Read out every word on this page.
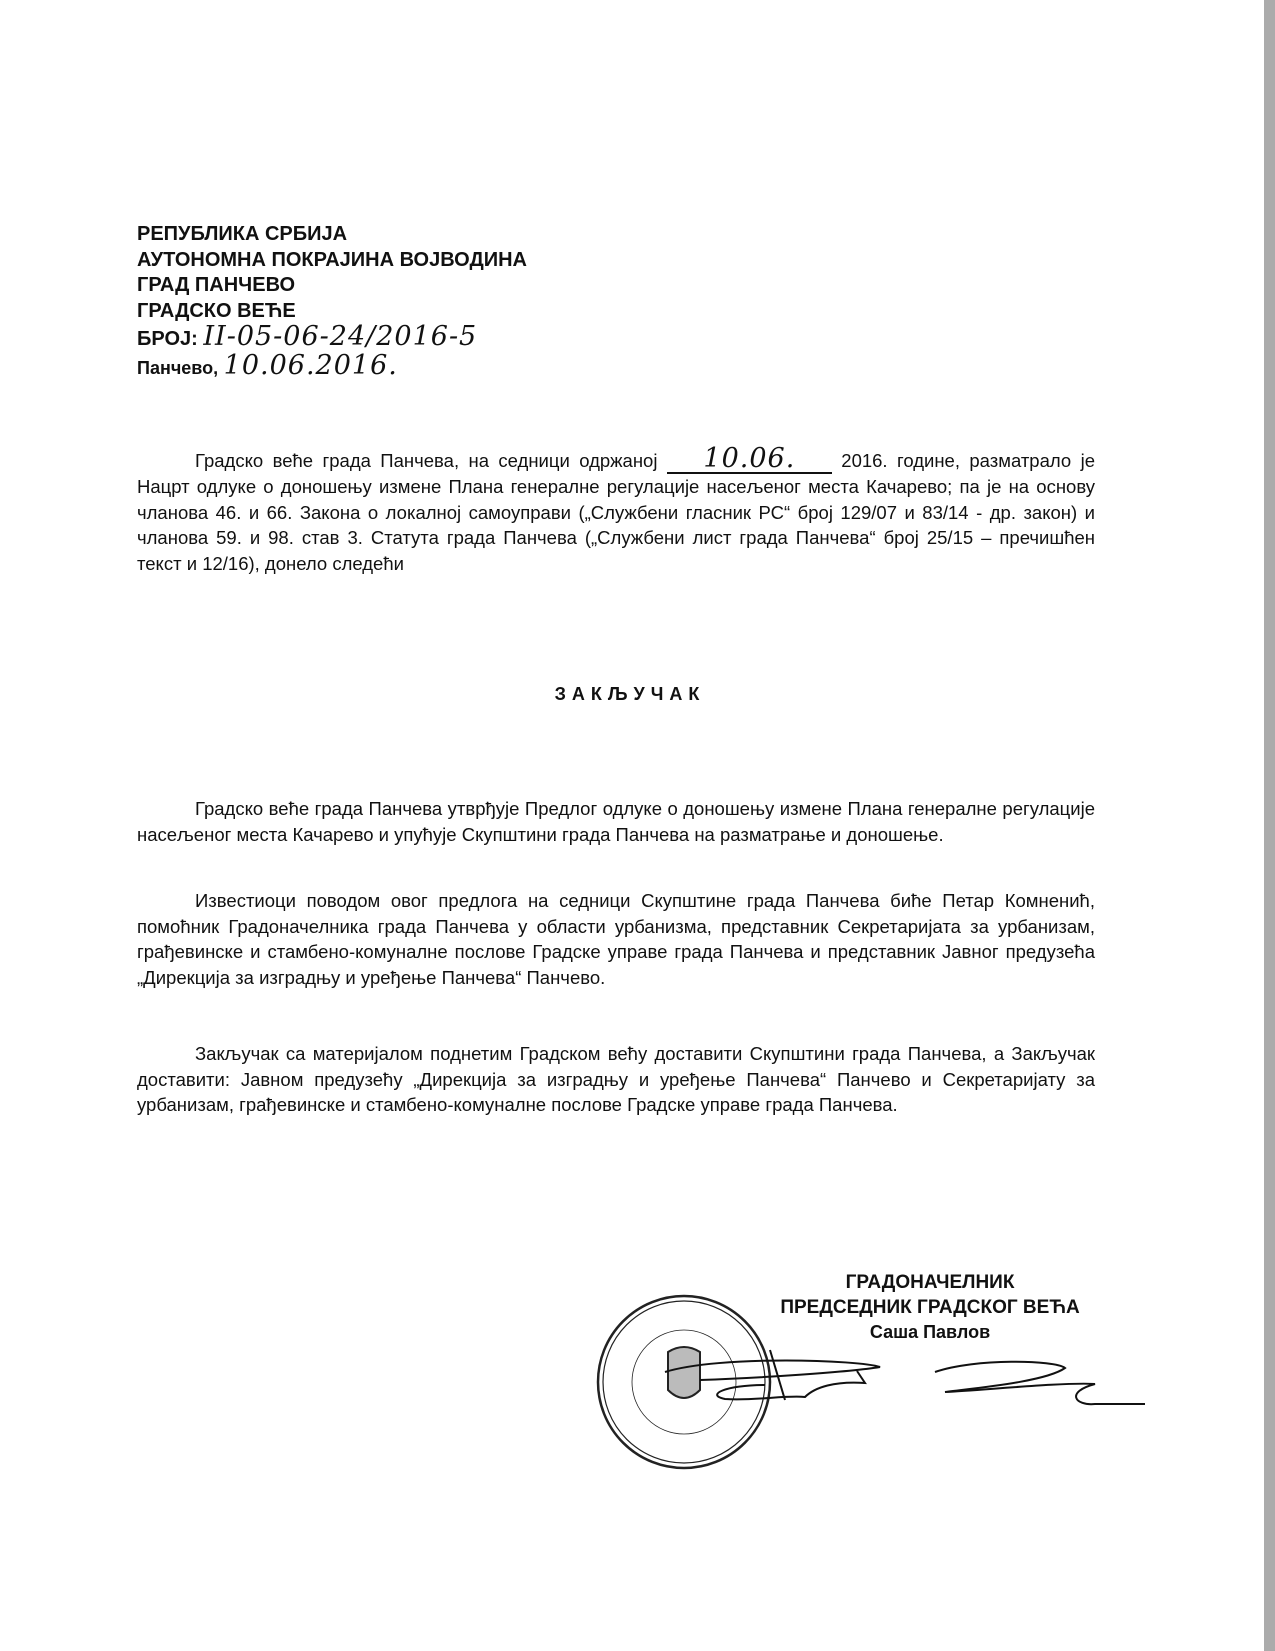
РЕПУБЛИКА СРБИЈА
АУТОНОМНА ПОКРАЈИНА ВОЈВОДИНА
ГРАД ПАНЧЕВО
ГРАДСКО ВЕЋЕ
БРОЈ: II-05-06-24/2016-5
Панчево, 10.06.2016.
Градско веће града Панчева, на седници одржаној 10.06. 2016. године, разматрало је Нацрт одлуке о доношењу измене Плана генералне регулације насељеног места Качарево; па је на основу чланова 46. и 66. Закона о локалној самоуправи („Службени гласник РС“ број 129/07 и 83/14 - др. закон) и чланова 59. и 98. став 3. Статута града Панчева („Службени лист града Панчева“ број 25/15 – пречишћен текст и 12/16), донело следећи
ЗАКЉУЧАК
Градско веће града Панчева утврђује Предлог одлуке о доношењу измене Плана генералне регулације насељеног места Качарево и упућује Скупштини града Панчева на разматрање и доношење.
Известиоци поводом овог предлога на седници Скупштине града Панчева биће Петар Комненић, помоћник Градоначелника града Панчева у области урбанизма, представник Секретаријата за урбанизам, грађевинске и стамбено-комуналне послове Градске управе града Панчева и представник Јавног предузећа „Дирекција за изградњу и уређење Панчева“ Панчево.
Закључак са материјалом поднетим Градском већу доставити Скупштини града Панчева, а Закључак доставити: Јавном предузећу „Дирекција за изградњу и уређење Панчева“ Панчево и Секретаријату за урбанизам, грађевинске и стамбено-комуналне послове Градске управе града Панчева.
ГРАДОНАЧЕЛНИК
ПРЕДСЕДНИК ГРАДСКОГ ВЕЋА
Саша Павлов
